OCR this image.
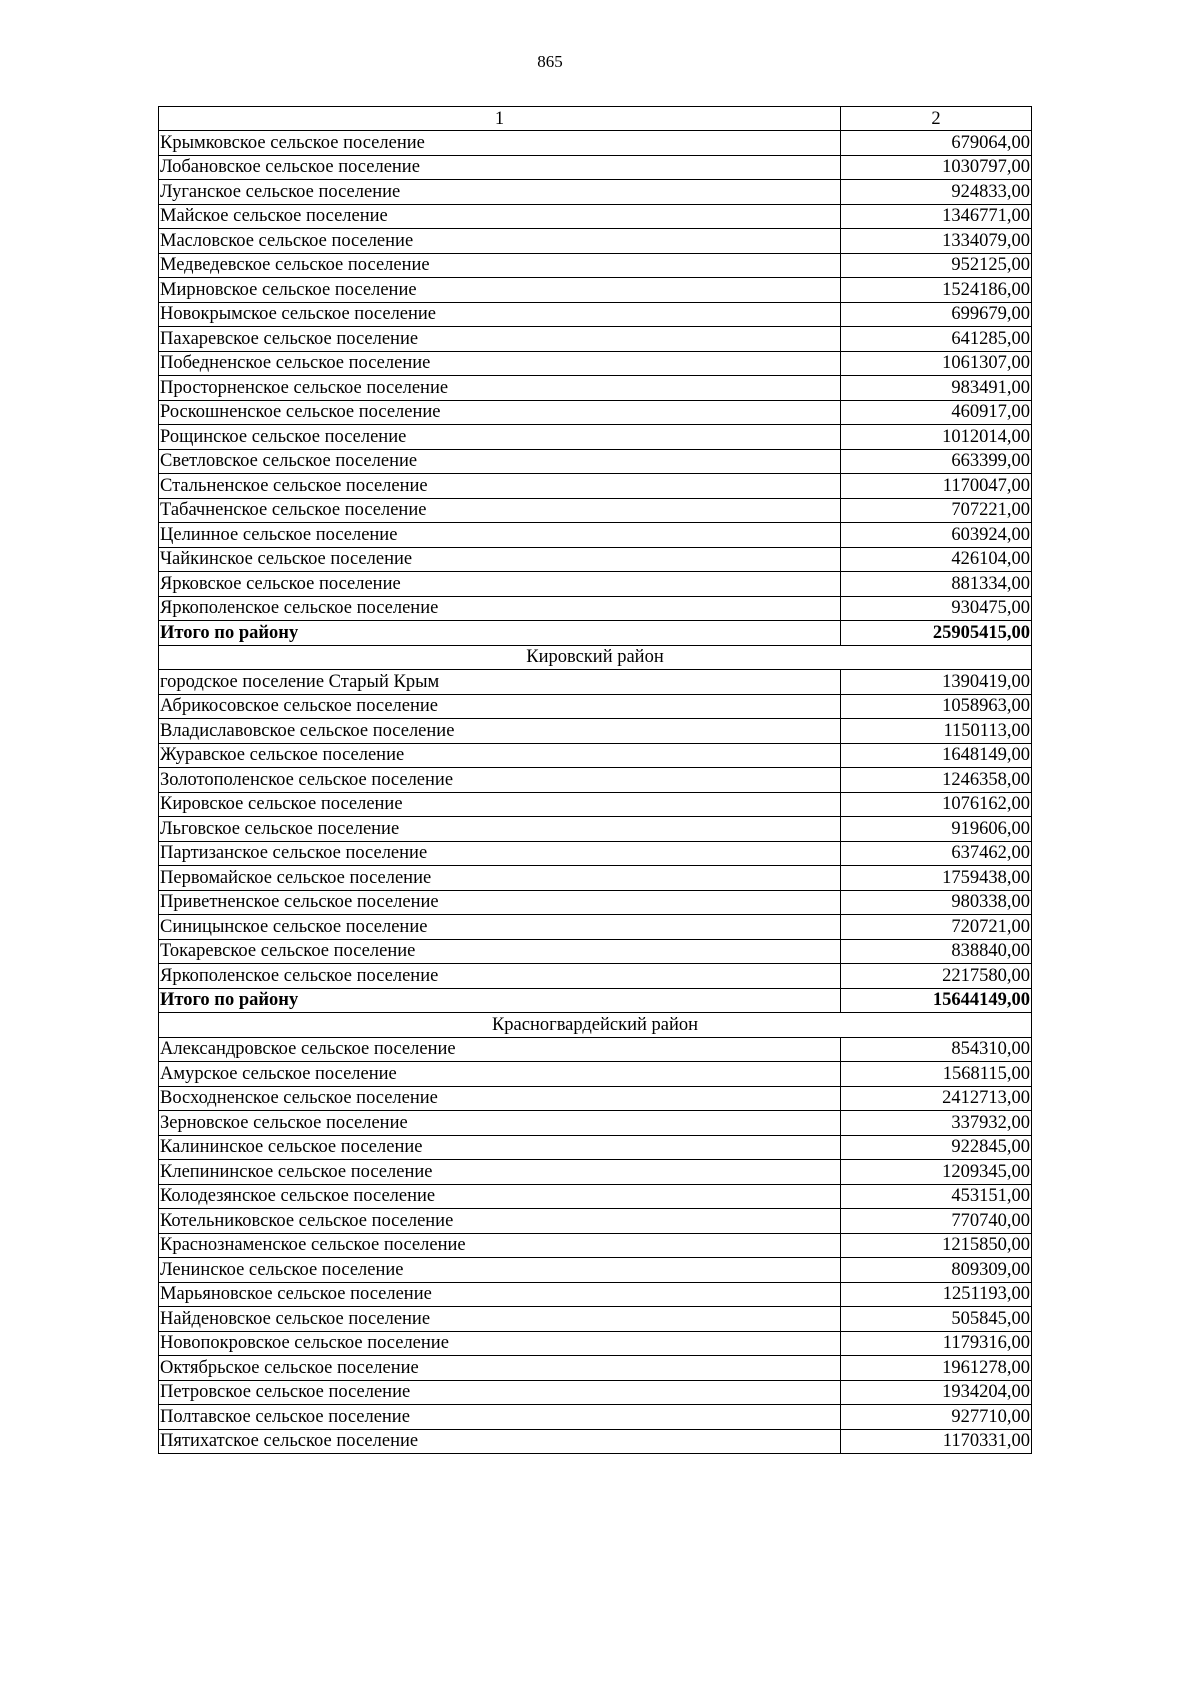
865
1	2
Крымковское сельское поселение	679064,00
Лобановское сельское поселение	1030797,00
Луганское сельское поселение	924833,00
Майское сельское поселение	1346771,00
Масловское сельское поселение	1334079,00
Медведевское сельское поселение	952125,00
Мирновское сельское поселение	1524186,00
Новокрымское сельское поселение	699679,00
Пахаревское сельское поселение	641285,00
Победненское сельское поселение	1061307,00
Просторненское сельское поселение	983491,00
Роскошненское сельское поселение	460917,00
Рощинское сельское поселение	1012014,00
Светловское сельское поселение	663399,00
Стальненское сельское поселение	1170047,00
Табачненское сельское поселение	707221,00
Целинное сельское поселение	603924,00
Чайкинское сельское поселение	426104,00
Ярковское сельское поселение	881334,00
Яркополенское сельское поселение	930475,00
Итого по району	25905415,00
Кировский район	
городское поселение Старый Крым	1390419,00
Абрикосовское сельское поселение	1058963,00
Владиславовское сельское поселение	1150113,00
Журавское сельское поселение	1648149,00
Золотополенское сельское поселение	1246358,00
Кировское сельское поселение	1076162,00
Льговское сельское поселение	919606,00
Партизанское сельское поселение	637462,00
Первомайское сельское поселение	1759438,00
Приветненское сельское поселение	980338,00
Синицынское сельское поселение	720721,00
Токаревское сельское поселение	838840,00
Яркополенское сельское поселение	2217580,00
Итого по району	15644149,00
Красногвардейский район	
Александровское сельское поселение	854310,00
Амурское сельское поселение	1568115,00
Восходненское сельское поселение	2412713,00
Зерновское сельское поселение	337932,00
Калининское сельское поселение	922845,00
Клепининское сельское поселение	1209345,00
Колодезянское сельское поселение	453151,00
Котельниковское сельское поселение	770740,00
Краснознаменское сельское поселение	1215850,00
Ленинское сельское поселение	809309,00
Марьяновское сельское поселение	1251193,00
Найденовское сельское поселение	505845,00
Новопокровское сельское поселение	1179316,00
Октябрьское сельское поселение	1961278,00
Петровское сельское поселение	1934204,00
Полтавское сельское поселение	927710,00
Пятихатское сельское поселение	1170331,00
